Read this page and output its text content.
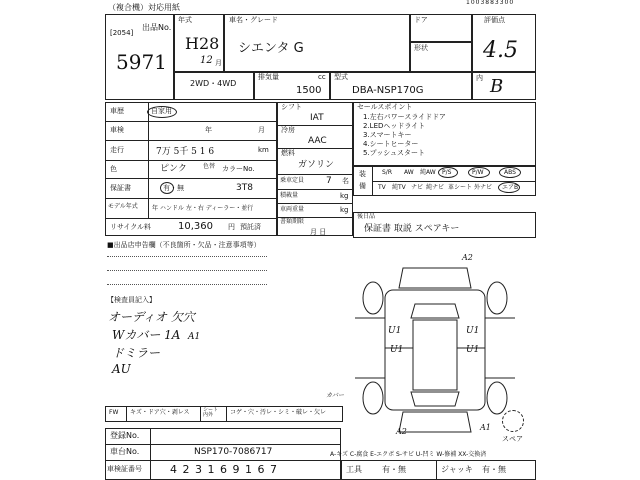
（複合機）対応用紙
1003883300
出品No.
[2054]
5971
年式
H28
12 月
車名・グレード
シエンタ G
ドア
形状
評価点
4.5
内 B
2WD・4WD
排気量	cc
1500
型式
DBA-NSP170G
車歴	自家用
車検	年	月
走行	7万 5千 5 1 6	km
色	ピンク	色替 カラーNo.
保証書	有・無	3T8
モデル年式 年 ハンドル 左・右 ディーラー・並行
リサイクル料	10,360 円 預託済
シフト
IAT
冷房
AAC
燃料
ガソリン
乗車定員 7 名
積載量	kg
車両重量	kg
書類期限
月 日
セールスポイント
1.左右パワースライドドア
2.LEDヘッドライト
3.スマートキー
4.シートヒーター
5.プッシュスタート
装
備
S/R AW 純AW P/S	P/W	ABS
TV 純TV ナビ 純ナビ 革シート 外ナビ エアB
後日品
保証書 取説 スペアキー
■出品店申告欄（不良箇所・欠品・注意事項等）
【検査員記入】
オーディオ 欠穴
Wカバー 1A
ドミラー
AU
A2
U1
U1
U1
U1
A1
A2	A1
カバー
スペア
FW キズ・ドア穴・剥レス	シート 内外	コゲ・穴・汚レ・シミ・破レ・欠レ
登録No.
車台No.	NSP170-7086717
車検証番号	4 2 3 1 6 9 1 6 7
A-キズ C-腐食 E-エクボ S-サビ U-凹ミ W-修補 XX-交換済
工具	有・無	ジャッキ 有・無
